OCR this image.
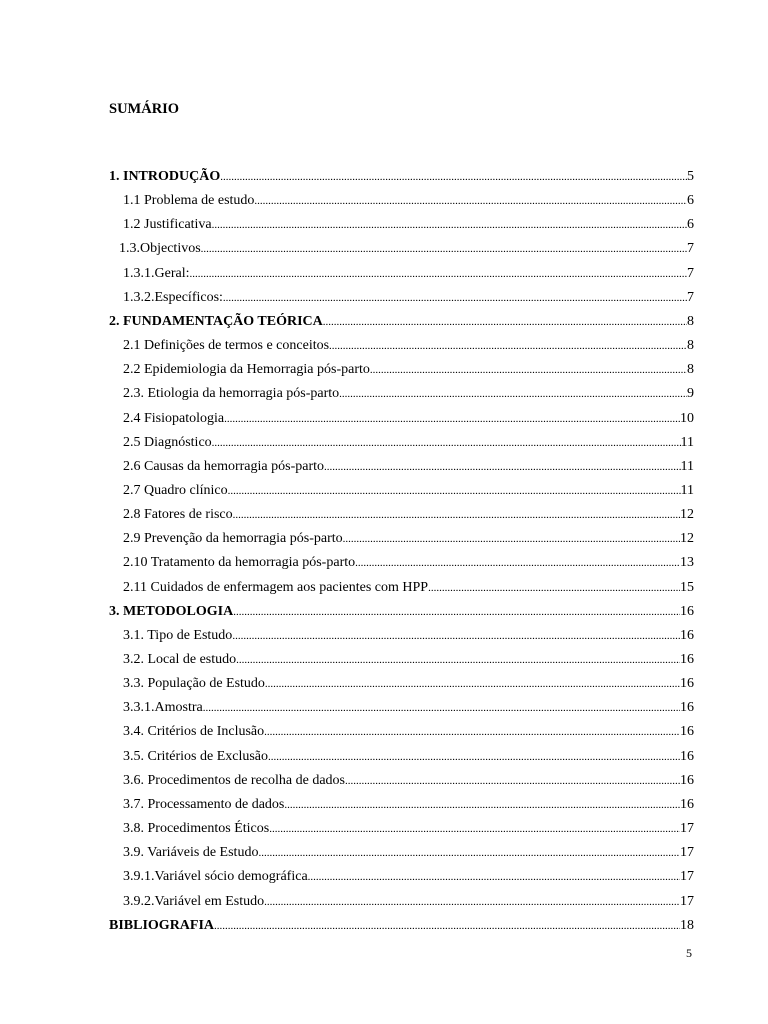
SUMÁRIO
1. INTRODUÇÃO .....	5
1.1 Problema de estudo .....	6
1.2 Justificativa .....	6
1.3.Objectivos .....	7
1.3.1.Geral: .....	7
1.3.2.Específicos: .....	7
2. FUNDAMENTAÇÃO TEÓRICA .....	8
2.1 Definições de termos e conceitos .....	8
2.2 Epidemiologia da Hemorragia pós-parto .....	8
2.3. Etiologia da hemorragia pós-parto .....	9
2.4 Fisiopatologia .....	10
2.5 Diagnóstico .....	11
2.6 Causas da hemorragia pós-parto .....	11
2.7 Quadro clínico .....	11
2.8 Fatores de risco .....	12
2.9 Prevenção da hemorragia pós-parto .....	12
2.10 Tratamento da hemorragia pós-parto .....	13
2.11 Cuidados de enfermagem aos pacientes com HPP .....	15
3. METODOLOGIA .....	16
3.1. Tipo de Estudo .....	16
3.2. Local de estudo .....	16
3.3. População de Estudo .....	16
3.3.1.Amostra .....	16
3.4. Critérios de Inclusão .....	16
3.5. Critérios de Exclusão .....	16
3.6. Procedimentos de recolha de dados .....	16
3.7. Processamento de dados .....	16
3.8. Procedimentos Éticos .....	17
3.9. Variáveis de Estudo .....	17
3.9.1.Variável sócio demográfica .....	17
3.9.2.Variável em Estudo .....	17
BIBLIOGRAFIA .....	18
5
